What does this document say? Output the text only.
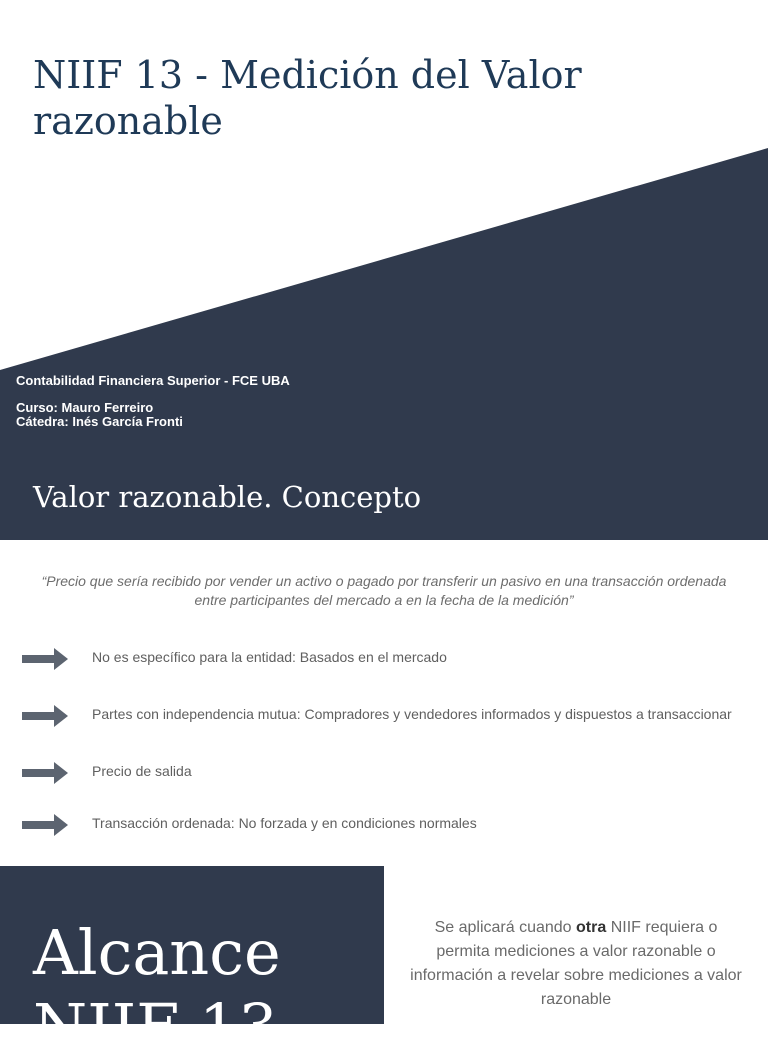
NIIF 13 - Medición del Valor razonable
Contabilidad Financiera Superior - FCE UBA
Curso: Mauro Ferreiro
Cátedra: Inés García Fronti
Valor razonable. Concepto

“Precio que sería recibido por vender un activo o pagado por transferir un pasivo en una transacción ordenada entre participantes del mercado a en la fecha de la medición”

No es específico para la entidad: Basados en el mercado
Partes con independencia mutua: Compradores y vendedores informados y dispuestos a transaccionar
Precio de salida
Transacción ordenada: No forzada y en condiciones normales
Alcance
NIIF 13

Se aplicará cuando otra NIIF requiera o permita mediciones a valor razonable o información a revelar sobre mediciones a valor razonable
